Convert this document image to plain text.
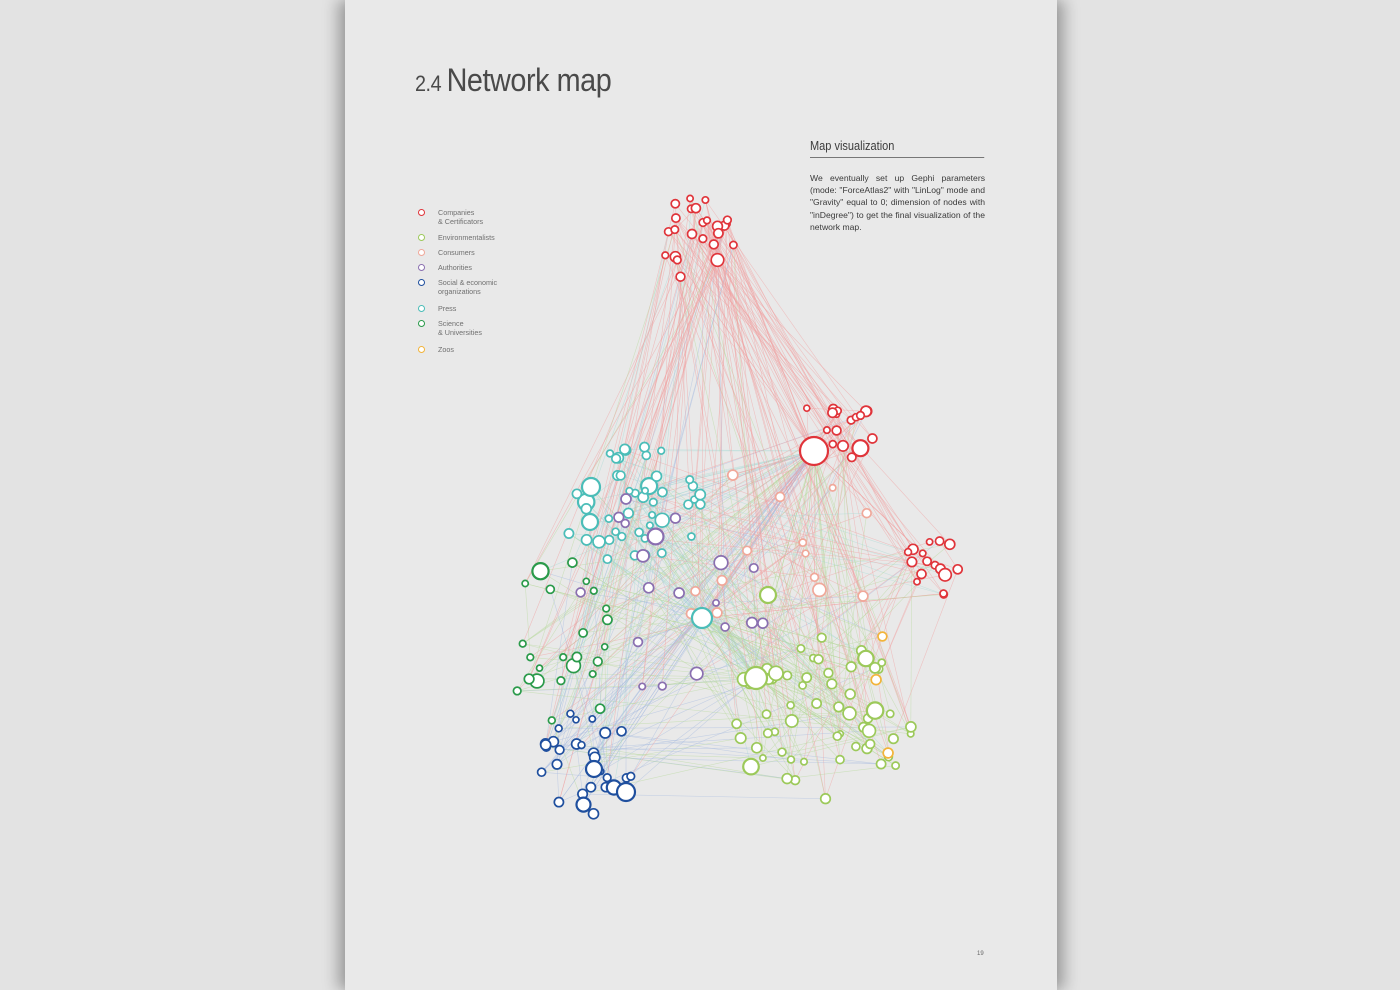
2.4 Network map
Map visualization
We eventually set up Gephi parameters (mode: "ForceAtlas2" with "LinLog" mode and "Gravity" equal to 0; dimension of nodes with "inDegree") to get the final visualization of the network map.
Companies
& Certificators
Environmentalists
Consumers
Authorities
Social & economic
organizations
Press
Science
& Universities
Zoos
19
